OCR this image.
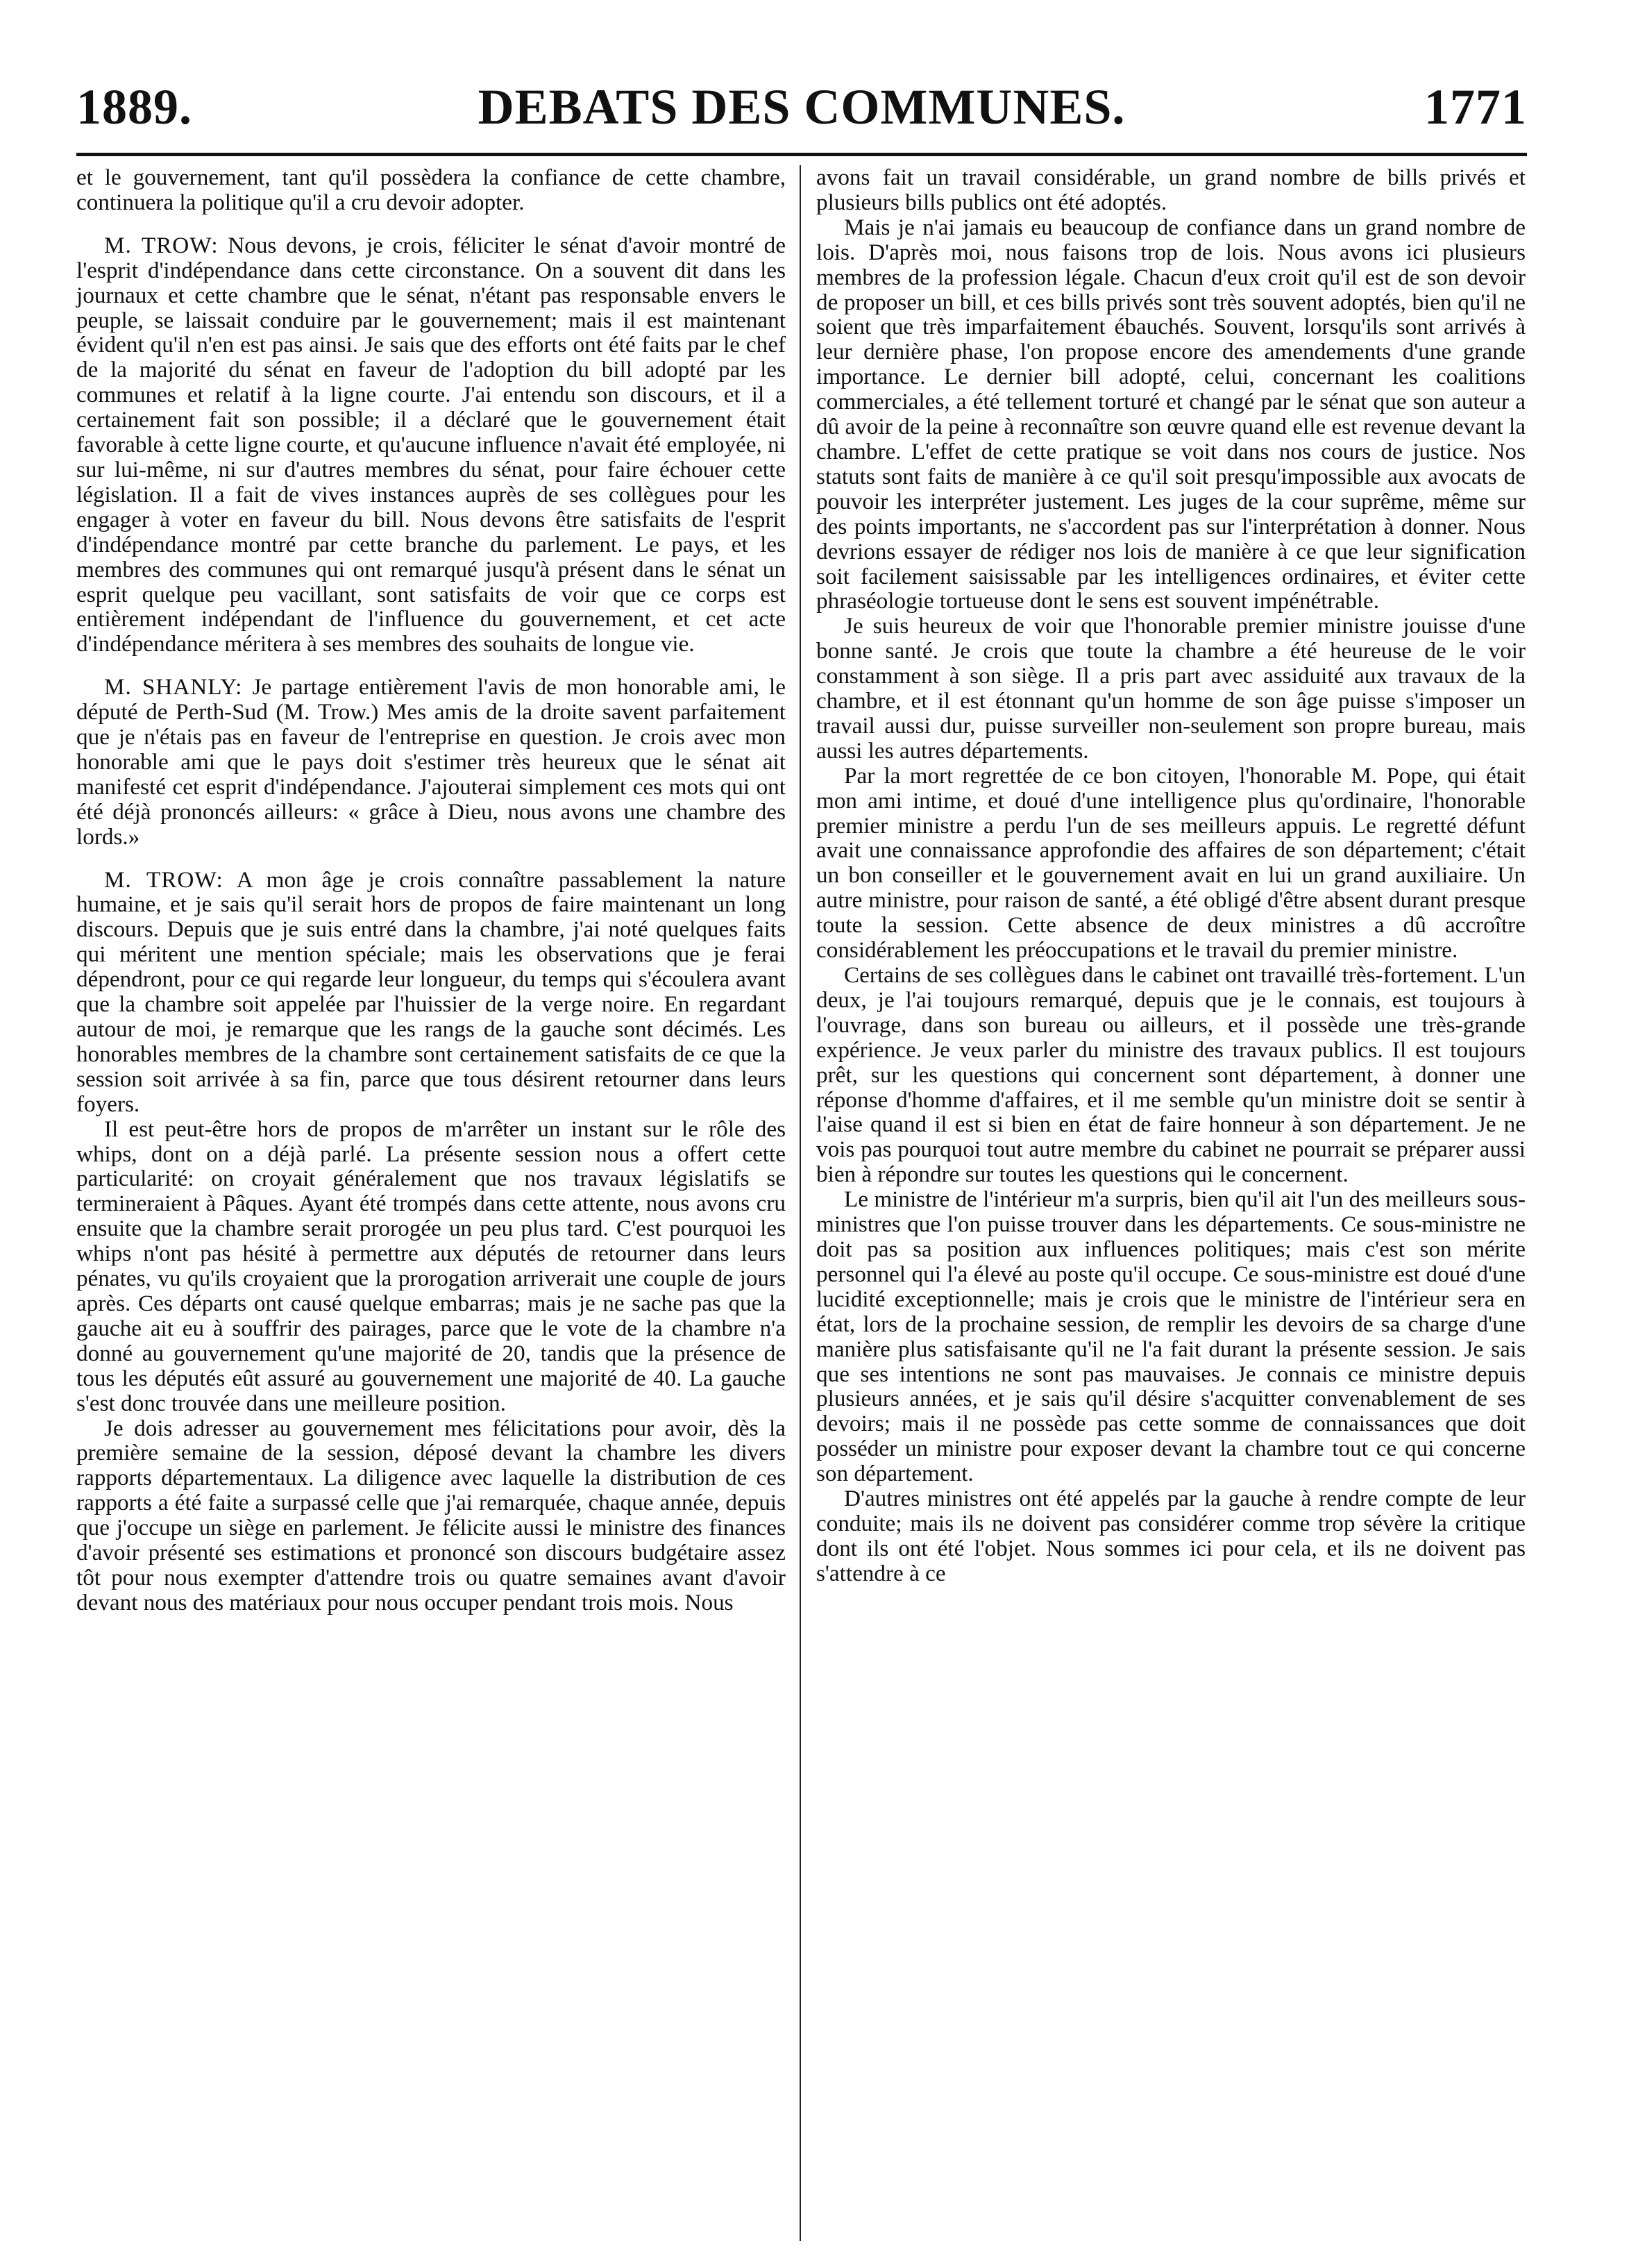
1889.	DEBATS DES COMMUNES.	1771

et le gouvernement, tant qu'il possèdera la confiance de cette chambre, continuera la politique qu'il a cru devoir adopter.

M. TROW: Nous devons, je crois, féliciter le sénat d'avoir montré de l'esprit d'indépendance dans cette circonstance. On a souvent dit dans les journaux et cette chambre que le sénat, n'étant pas responsable envers le peuple, se laissait conduire par le gouvernement; mais il est maintenant évident qu'il n'en est pas ainsi. Je sais que des efforts ont été faits par le chef de la majorité du sénat en faveur de l'adoption du bill adopté par les communes et relatif à la ligne courte. J'ai entendu son discours, et il a certainement fait son possible; il a déclaré que le gouvernement était favorable à cette ligne courte, et qu'aucune influence n'avait été employée, ni sur lui-même, ni sur d'autres membres du sénat, pour faire échouer cette législation. Il a fait de vives instances auprès de ses collègues pour les engager à voter en faveur du bill. Nous devons être satisfaits de l'esprit d'indépendance montré par cette branche du parlement. Le pays, et les membres des communes qui ont remarqué jusqu'à présent dans le sénat un esprit quelque peu vacillant, sont satisfaits de voir que ce corps est entièrement indépendant de l'influence du gouvernement, et cet acte d'indépendance méritera à ses membres des souhaits de longue vie.

M. SHANLY: Je partage entièrement l'avis de mon honorable ami, le député de Perth-Sud (M. Trow.) Mes amis de la droite savent parfaitement que je n'étais pas en faveur de l'entreprise en question. Je crois avec mon honorable ami que le pays doit s'estimer très heureux que le sénat ait manifesté cet esprit d'indépendance. J'ajouterai simplement ces mots qui ont été déjà prononcés ailleurs: « grâce à Dieu, nous avons une chambre des lords.»

M. TROW: A mon âge je crois connaître passablement la nature humaine, et je sais qu'il serait hors de propos de faire maintenant un long discours. Depuis que je suis entré dans la chambre, j'ai noté quelques faits qui méritent une mention spéciale; mais les observations que je ferai dépendront, pour ce qui regarde leur longueur, du temps qui s'écoulera avant que la chambre soit appelée par l'huissier de la verge noire. En regardant autour de moi, je remarque que les rangs de la gauche sont décimés. Les honorables membres de la chambre sont certainement satisfaits de ce que la session soit arrivée à sa fin, parce que tous désirent retourner dans leurs foyers.

Il est peut-être hors de propos de m'arrêter un instant sur le rôle des whips, dont on a déjà parlé. La présente session nous a offert cette particularité: on croyait généralement que nos travaux législatifs se termineraient à Pâques. Ayant été trompés dans cette attente, nous avons cru ensuite que la chambre serait prorogée un peu plus tard. C'est pourquoi les whips n'ont pas hésité à permettre aux députés de retourner dans leurs pénates, vu qu'ils croyaient que la prorogation arriverait une couple de jours après. Ces départs ont causé quelque embarras; mais je ne sache pas que la gauche ait eu à souffrir des pairages, parce que le vote de la chambre n'a donné au gouvernement qu'une majorité de 20, tandis que la présence de tous les députés eût assuré au gouvernement une majorité de 40. La gauche s'est donc trouvée dans une meilleure position.

Je dois adresser au gouvernement mes félicitations pour avoir, dès la première semaine de la session, déposé devant la chambre les divers rapports départementaux. La diligence avec laquelle la distribution de ces rapports a été faite a surpassé celle que j'ai remarquée, chaque année, depuis que j'occupe un siège en parlement. Je félicite aussi le ministre des finances d'avoir présenté ses estimations et prononcé son discours budgétaire assez tôt pour nous exempter d'attendre trois ou quatre semaines avant d'avoir devant nous des matériaux pour nous occuper pendant trois mois. Nous

avons fait un travail considérable, un grand nombre de bills privés et plusieurs bills publics ont été adoptés.

Mais je n'ai jamais eu beaucoup de confiance dans un grand nombre de lois. D'après moi, nous faisons trop de lois. Nous avons ici plusieurs membres de la profession légale. Chacun d'eux croit qu'il est de son devoir de proposer un bill, et ces bills privés sont très souvent adoptés, bien qu'il ne soient que très imparfaitement ébauchés. Souvent, lorsqu'ils sont arrivés à leur dernière phase, l'on propose encore des amendements d'une grande importance. Le dernier bill adopté, celui, concernant les coalitions commerciales, a été tellement torturé et changé par le sénat que son auteur a dû avoir de la peine à reconnaître son œuvre quand elle est revenue devant la chambre. L'effet de cette pratique se voit dans nos cours de justice. Nos statuts sont faits de manière à ce qu'il soit presqu'impossible aux avocats de pouvoir les interpréter justement. Les juges de la cour suprême, même sur des points importants, ne s'accordent pas sur l'interprétation à donner. Nous devrions essayer de rédiger nos lois de manière à ce que leur signification soit facilement saisissable par les intelligences ordinaires, et éviter cette phraséologie tortueuse dont le sens est souvent impénétrable.

Je suis heureux de voir que l'honorable premier ministre jouisse d'une bonne santé. Je crois que toute la chambre a été heureuse de le voir constamment à son siège. Il a pris part avec assiduité aux travaux de la chambre, et il est étonnant qu'un homme de son âge puisse s'imposer un travail aussi dur, puisse surveiller non-seulement son propre bureau, mais aussi les autres départements.

Par la mort regrettée de ce bon citoyen, l'honorable M. Pope, qui était mon ami intime, et doué d'une intelligence plus qu'ordinaire, l'honorable premier ministre a perdu l'un de ses meilleurs appuis. Le regretté défunt avait une connaissance approfondie des affaires de son département; c'était un bon conseiller et le gouvernement avait en lui un grand auxiliaire. Un autre ministre, pour raison de santé, a été obligé d'être absent durant presque toute la session. Cette absence de deux ministres a dû accroître considérablement les préoccupations et le travail du premier ministre.

Certains de ses collègues dans le cabinet ont travaillé très-fortement. L'un deux, je l'ai toujours remarqué, depuis que je le connais, est toujours à l'ouvrage, dans son bureau ou ailleurs, et il possède une très-grande expérience. Je veux parler du ministre des travaux publics. Il est toujours prêt, sur les questions qui concernent sont département, à donner une réponse d'homme d'affaires, et il me semble qu'un ministre doit se sentir à l'aise quand il est si bien en état de faire honneur à son département. Je ne vois pas pourquoi tout autre membre du cabinet ne pourrait se préparer aussi bien à répondre sur toutes les questions qui le concernent.

Le ministre de l'intérieur m'a surpris, bien qu'il ait l'un des meilleurs sous-ministres que l'on puisse trouver dans les départements. Ce sous-ministre ne doit pas sa position aux influences politiques; mais c'est son mérite personnel qui l'a élevé au poste qu'il occupe. Ce sous-ministre est doué d'une lucidité exceptionnelle; mais je crois que le ministre de l'intérieur sera en état, lors de la prochaine session, de remplir les devoirs de sa charge d'une manière plus satisfaisante qu'il ne l'a fait durant la présente session. Je sais que ses intentions ne sont pas mauvaises. Je connais ce ministre depuis plusieurs années, et je sais qu'il désire s'acquitter convenablement de ses devoirs; mais il ne possède pas cette somme de connaissances que doit posséder un ministre pour exposer devant la chambre tout ce qui concerne son département.

D'autres ministres ont été appelés par la gauche à rendre compte de leur conduite; mais ils ne doivent pas considérer comme trop sévère la critique dont ils ont été l'objet. Nous sommes ici pour cela, et ils ne doivent pas s'attendre à ce
